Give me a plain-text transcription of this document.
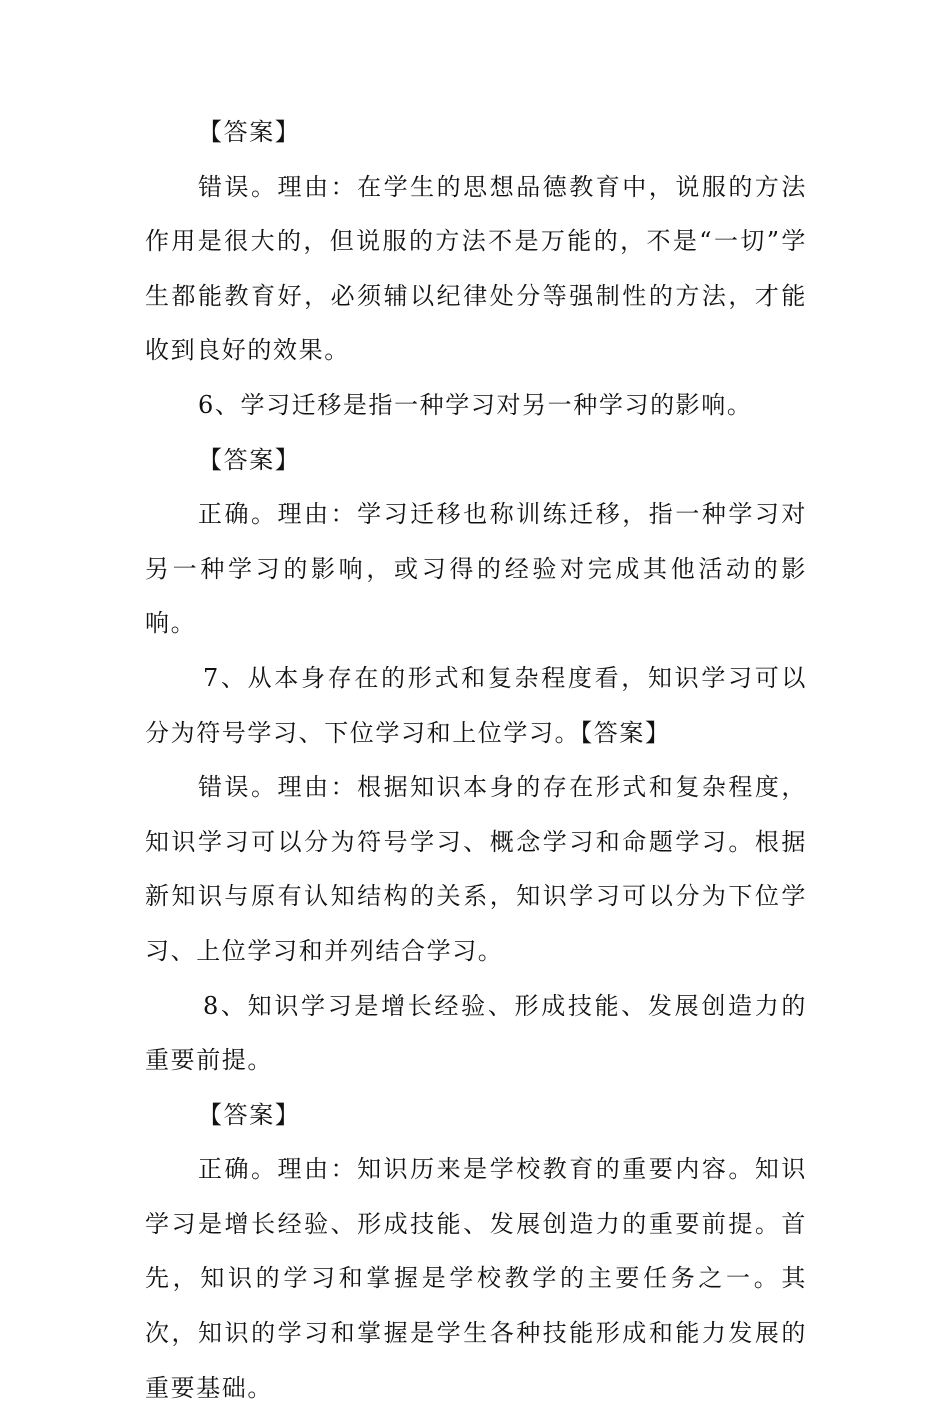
【答案】

错误。理由：在学生的思想品德教育中，说服的方法作用是很大的，但说服的方法不是万能的，不是“一切”学生都能教育好，必须辅以纪律处分等强制性的方法，才能收到良好的效果。

6、学习迁移是指一种学习对另一种学习的影响。

【答案】

正确。理由：学习迁移也称训练迁移，指一种学习对另一种学习的影响，或习得的经验对完成其他活动的影响。

7、从本身存在的形式和复杂程度看，知识学习可以分为符号学习、下位学习和上位学习。【答案】

错误。理由：根据知识本身的存在形式和复杂程度，知识学习可以分为符号学习、概念学习和命题学习。根据新知识与原有认知结构的关系，知识学习可以分为下位学习、上位学习和并列结合学习。

8、知识学习是增长经验、形成技能、发展创造力的重要前提。

【答案】

正确。理由：知识历来是学校教育的重要内容。知识学习是增长经验、形成技能、发展创造力的重要前提。首先，知识的学习和掌握是学校教学的主要任务之一。其次，知识的学习和掌握是学生各种技能形成和能力发展的重要基础。
